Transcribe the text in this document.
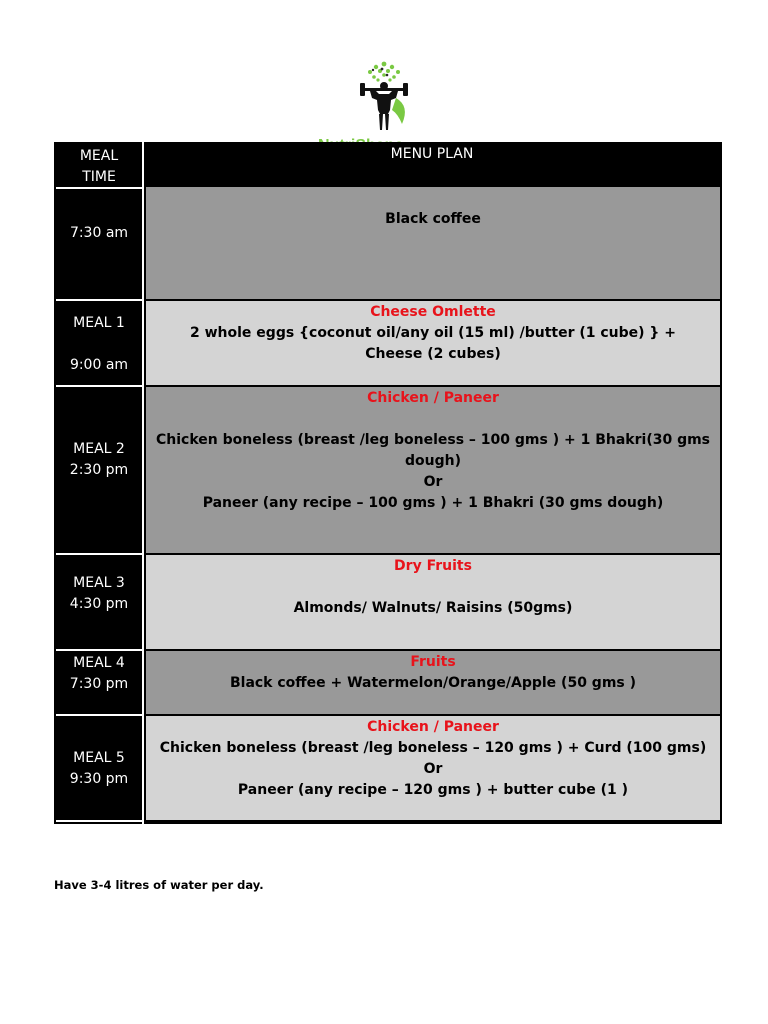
MEAL TIME
MENU PLAN
7:30 am
MEAL 1
9:00 am
MEAL 2
2:30 pm
MEAL 3
4:30 pm
MEAL 4
7:30 pm
MEAL 5
9:30 pm
Black coffee
Cheese Omlette
2 whole eggs {coconut oil/any oil (15 ml) /butter (1 cube) } +
Cheese (2 cubes)
Chicken / Paneer
Chicken boneless (breast /leg boneless – 100 gms ) + 1 Bhakri(30 gms
dough)
Or
Paneer (any recipe – 100 gms ) + 1 Bhakri (30 gms dough)
Dry Fruits
Almonds/ Walnuts/ Raisins (50gms)
Fruits
Black coffee + Watermelon/Orange/Apple (50 gms )
Chicken / Paneer
Chicken boneless (breast /leg boneless – 120 gms ) + Curd (100 gms)
Or
Paneer (any recipe – 120 gms ) + butter cube (1 )
Have 3-4 litres of water per day.
